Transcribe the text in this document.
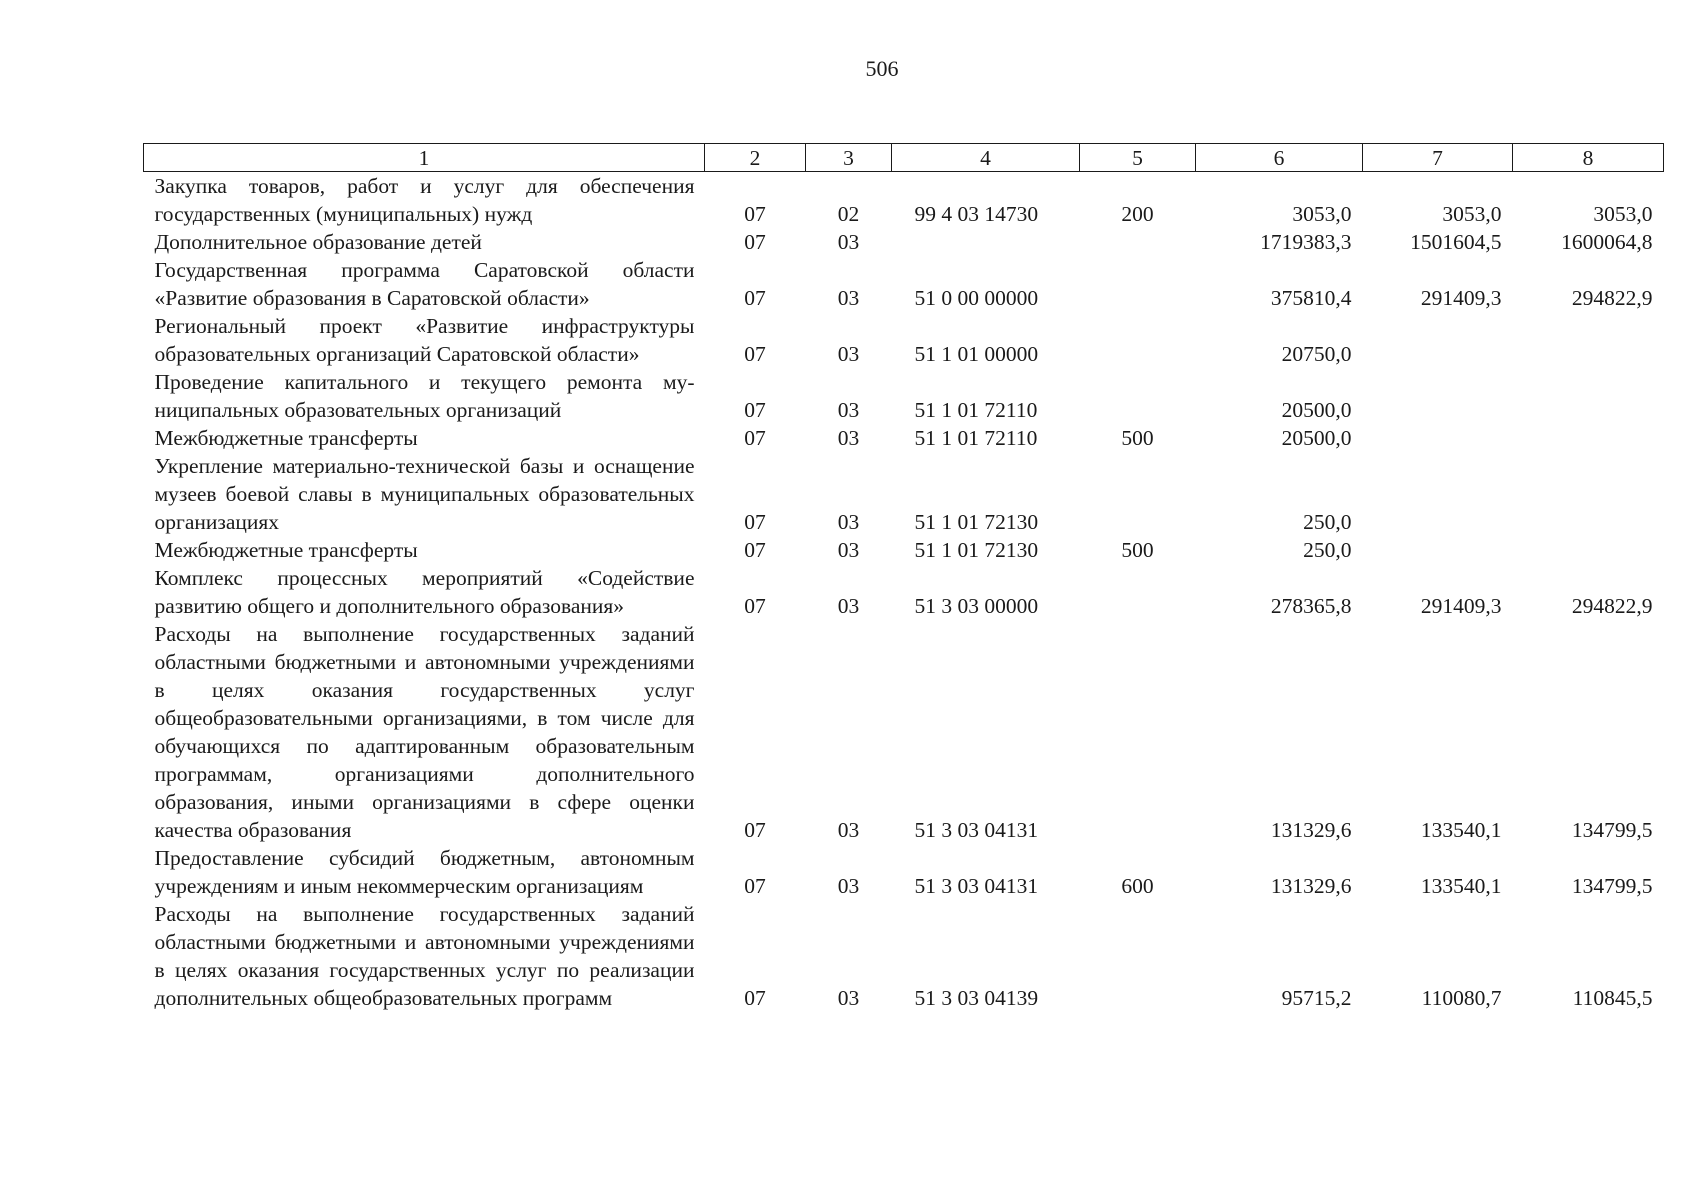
506
1	2	3	4	5	6	7	8
Закупка товаров, работ и услуг для обеспечения государственных (муниципальных) нужд	07	02	99 4 03 14730	200	3053,0	3053,0	3053,0
Дополнительное образование детей	07	03			1719383,3	1501604,5	1600064,8
Государственная программа Саратовской области «Развитие образования в Саратовской области»	07	03	51 0 00 00000		375810,4	291409,3	294822,9
Региональный проект «Развитие инфраструктуры образовательных организаций Саратовской области»	07	03	51 1 01 00000		20750,0		
Проведение капитального и текущего ремонта муниципальных образовательных организаций	07	03	51 1 01 72110		20500,0		
Межбюджетные трансферты	07	03	51 1 01 72110	500	20500,0		
Укрепление материально-технической базы и оснащение музеев боевой славы в муниципальных образовательных организациях	07	03	51 1 01 72130		250,0		
Межбюджетные трансферты	07	03	51 1 01 72130	500	250,0		
Комплекс процессных мероприятий «Содействие развитию общего и дополнительного образования»	07	03	51 3 03 00000		278365,8	291409,3	294822,9
Расходы на выполнение государственных заданий областными бюджетными и автономными учреждениями в целях оказания государственных услуг общеобразовательными организациями, в том числе для обучающихся по адаптированным образовательным программам, организациями дополнительного образования, иными организациями в сфере оценки качества образования	07	03	51 3 03 04131		131329,6	133540,1	134799,5
Предоставление субсидий бюджетным, автономным учреждениям и иным некоммерческим организациям	07	03	51 3 03 04131	600	131329,6	133540,1	134799,5
Расходы на выполнение государственных заданий областными бюджетными и автономными учреждениями в целях оказания государственных услуг по реализации дополнительных общеобразовательных программ	07	03	51 3 03 04139		95715,2	110080,7	110845,5
